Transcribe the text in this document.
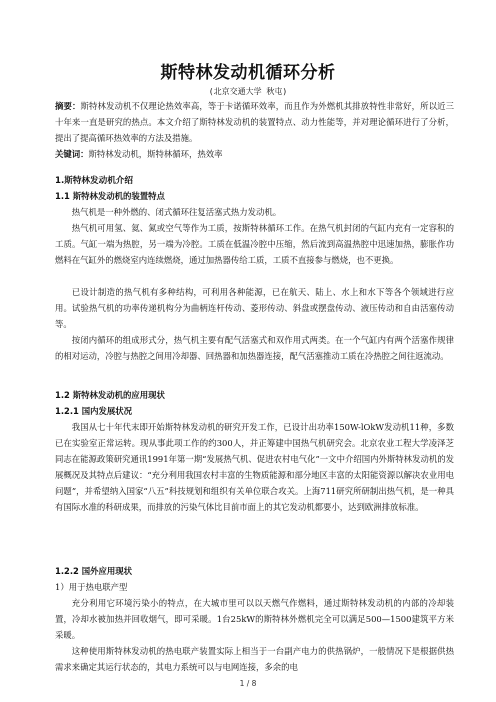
斯特林发动机循环分析
(北京交通大学 秋屯)
摘要：斯特林发动机不仅理论热效率高，等于卡诺循环效率，而且作为外燃机其排放特性非常好，所以近三十年来一直是研究的热点。本文介绍了斯特林发动机的装置特点、动力性能等，并对理论循环进行了分析，提出了提高循环热效率的方法及措施。
关键词：斯特林发动机，斯特林循环，热效率
1.斯特林发动机介绍
1.1 斯特林发动机的装置特点
热气机是一种外燃的、闭式循环往复活塞式热力发动机。
热气机可用氢、氦、氮或空气等作为工质，按斯特林循环工作。在热气机封闭的气缸内充有一定容积的工质。气缸一端为热腔，另一端为冷腔。工质在低温冷腔中压缩，然后流到高温热腔中迅速加热，膨胀作功燃料在气缸外的燃烧室内连续燃烧，通过加热器传给工质，工质不直接参与燃烧，也不更换。
已设计制造的热气机有多种结构，可利用各种能源，已在航天、陆上、水上和水下等各个领域进行应用。试验热气机的功率传递机构分为曲柄连杆传动、菱形传动、斜盘或摆盘传动、液压传动和自由活塞传动等。
按闭内循环的组成形式分，热气机主要有配气活塞式和双作用式两类。在一个气缸内有两个活塞作规律的相对运动，冷腔与热腔之间用冷却器、回热器和加热器连接，配气活塞推动工质在冷热腔之间往返流动。
1.2 斯特林发动机的应用现状
1.2.1 国内发展状况
我国从七十年代末即开始斯特林发动机的研究开发工作，已设计出功率150W-lOkW发动机11种，多数已在实验室正常运转。现从事此项工作的约300人，并正筹建中国热气机研究会。北京农业工程大学凌泽芝同志在能源政策研究通讯1991年第一期“发展热气机、促进农村电气化”一文中介绍国内外斯特林发动机的发展概况及其特点后建议：“充分利用我国农村丰富的生物质能源和部分地区丰富的太阳能资源以解决农业用电问题”，并希望纳入国家“八五”科技规划和组织有关单位联合攻关。上海711研究所研制出热气机，是一种具有国际水准的科研成果，而排放的污染气体比目前市面上的其它发动机都要小，达到欧洲排放标准。
1.2.2 国外应用现状
1）用于热电联产型
充分利用它环境污染小的特点，在大城市里可以以天燃气作燃料，通过斯特林发动机的内部的冷却装置，冷却水被加热并回收烟气，即可采暖。1台25kW的斯特林外燃机完全可以满足500—1500建筑平方米采暖。
这种使用斯特林发动机的热电联产装置实际上相当于一台副产电力的供热锅炉，一般情况下是根据供热需求来确定其运行状态的，其电力系统可以与电网连接，多余的电
1 / 8
